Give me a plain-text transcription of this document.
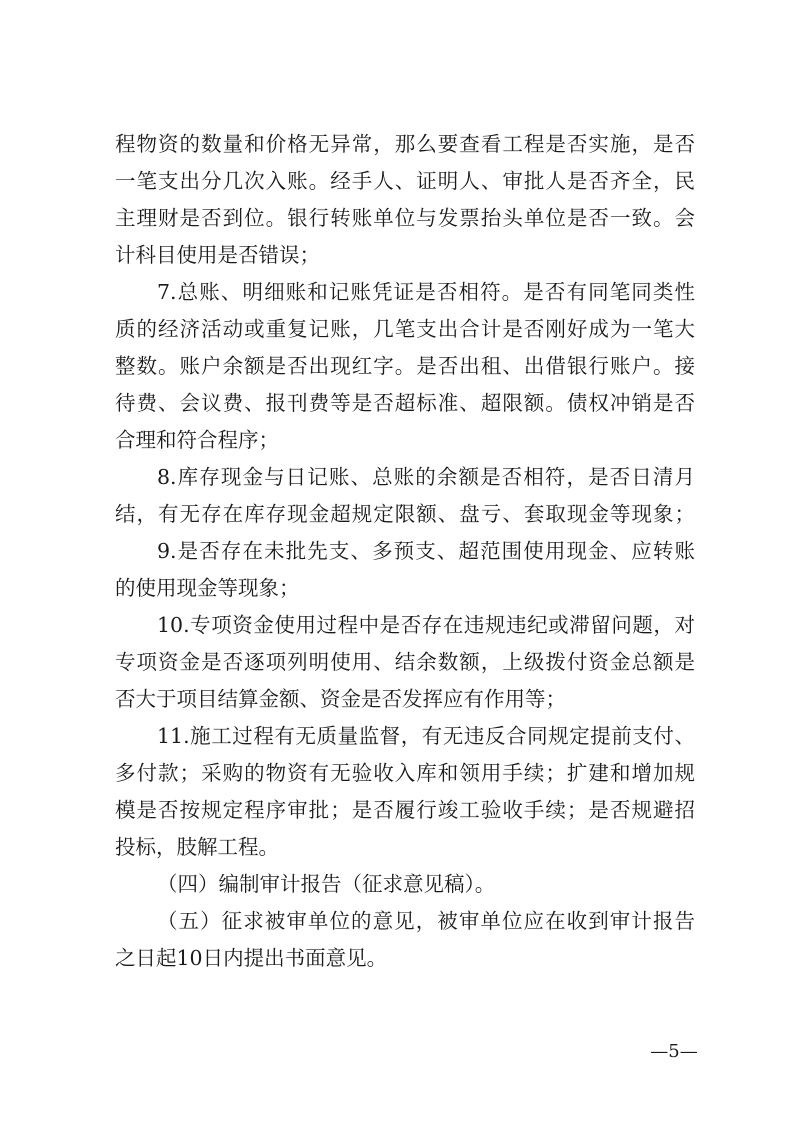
程物资的数量和价格无异常，那么要查看工程是否实施，是否
一笔支出分几次入账。经手人、证明人、审批人是否齐全，民
主理财是否到位。银行转账单位与发票抬头单位是否一致。会
计科目使用是否错误；
7.总账、明细账和记账凭证是否相符。是否有同笔同类性
质的经济活动或重复记账，几笔支出合计是否刚好成为一笔大
整数。账户余额是否出现红字。是否出租、出借银行账户。接
待费、会议费、报刊费等是否超标准、超限额。债权冲销是否
合理和符合程序；
8.库存现金与日记账、总账的余额是否相符，是否日清月
结，有无存在库存现金超规定限额、盘亏、套取现金等现象；
9.是否存在未批先支、多预支、超范围使用现金、应转账
的使用现金等现象；
10.专项资金使用过程中是否存在违规违纪或滞留问题，对
专项资金是否逐项列明使用、结余数额，上级拨付资金总额是
否大于项目结算金额、资金是否发挥应有作用等；
11.施工过程有无质量监督，有无违反合同规定提前支付、
多付款；采购的物资有无验收入库和领用手续；扩建和增加规
模是否按规定程序审批；是否履行竣工验收手续；是否规避招
投标，肢解工程。
（四）编制审计报告（征求意见稿）。
（五）征求被审单位的意见，被审单位应在收到审计报告
之日起10日内提出书面意见。
—5—
